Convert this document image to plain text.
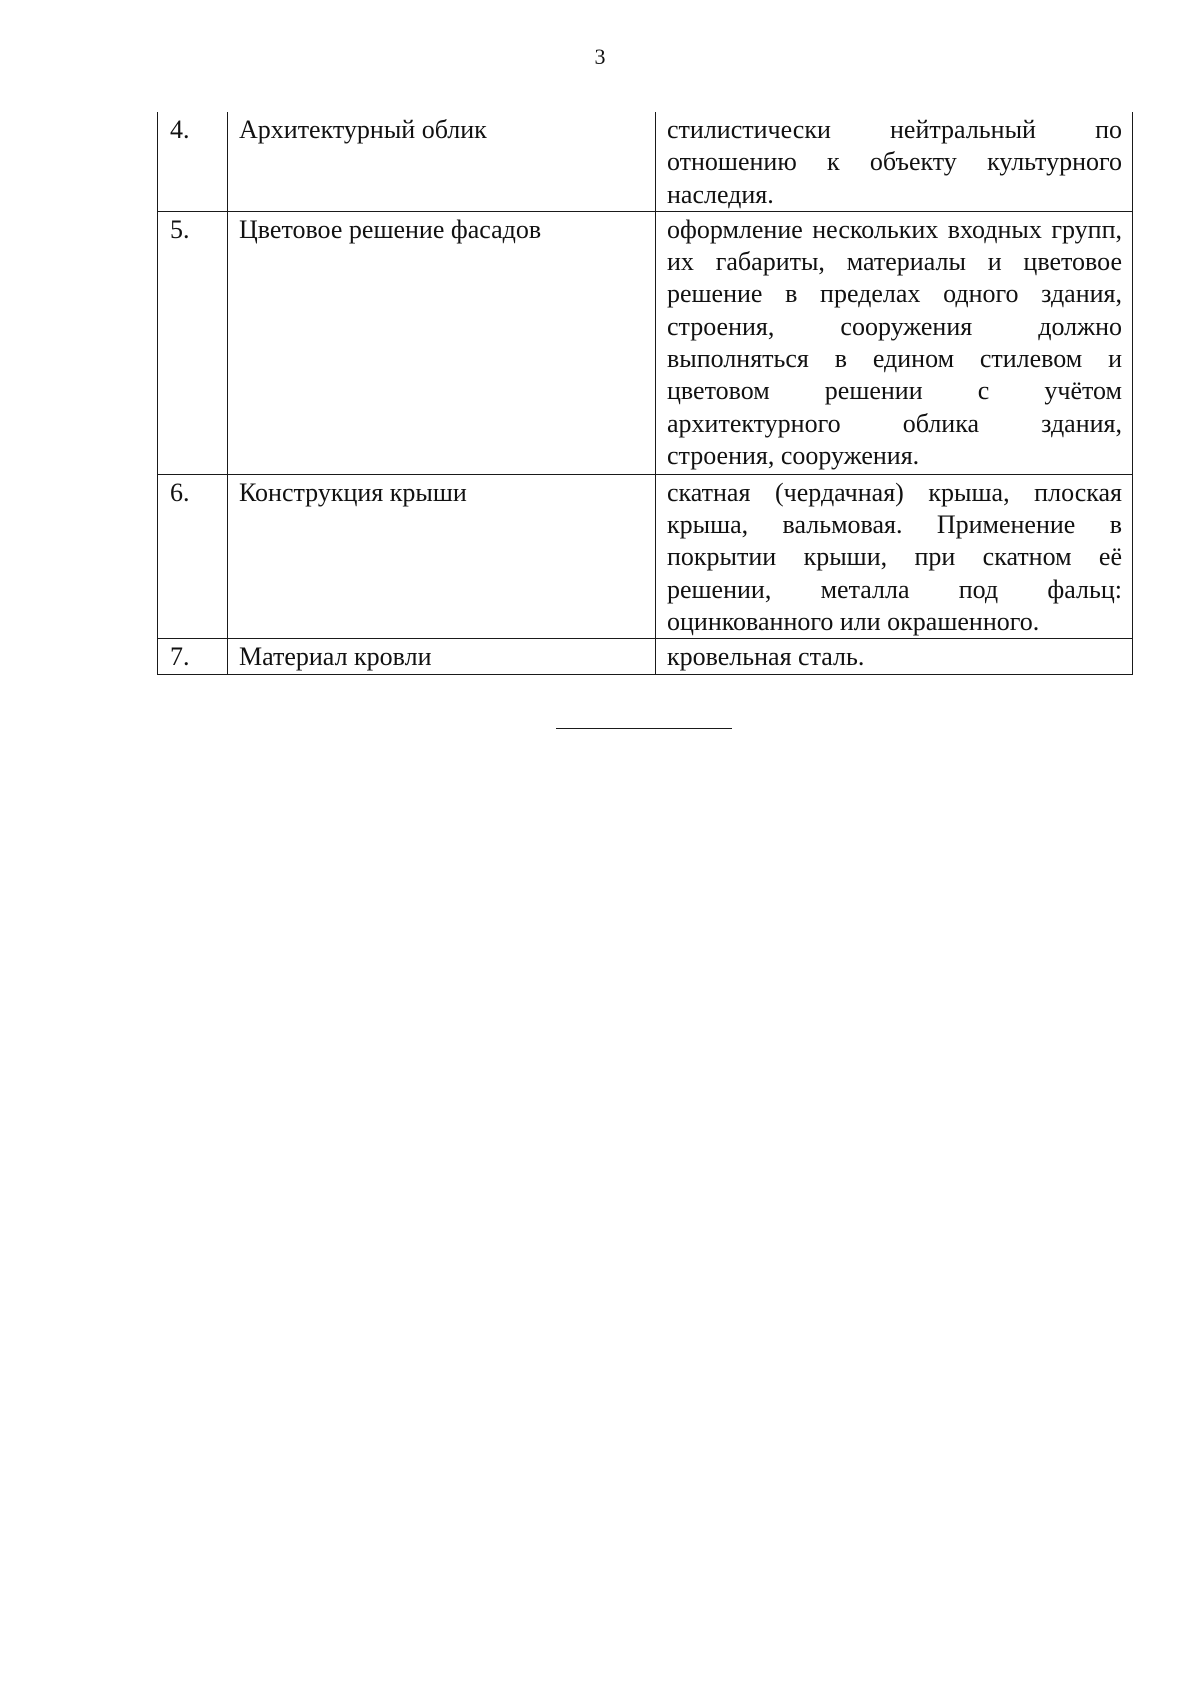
3
4.	Архитектурный облик	стилистически нейтральный по отношению к объекту культурного наследия.

5.	Цветовое решение фасадов	оформление нескольких входных групп, их габариты, материалы и цветовое решение в пределах одного здания, строения, сооружения должно выполняться в едином стилевом и цветовом решении с учётом архитектурного облика здания, строения, сооружения.

6.	Конструкция крыши	скатная (чердачная) крыша, плоская крыша, вальмовая. Применение в покрытии крыши, при скатном её решении, металла под фальц: оцинкованного или окрашенного.

7.	Материал кровли	кровельная сталь.
